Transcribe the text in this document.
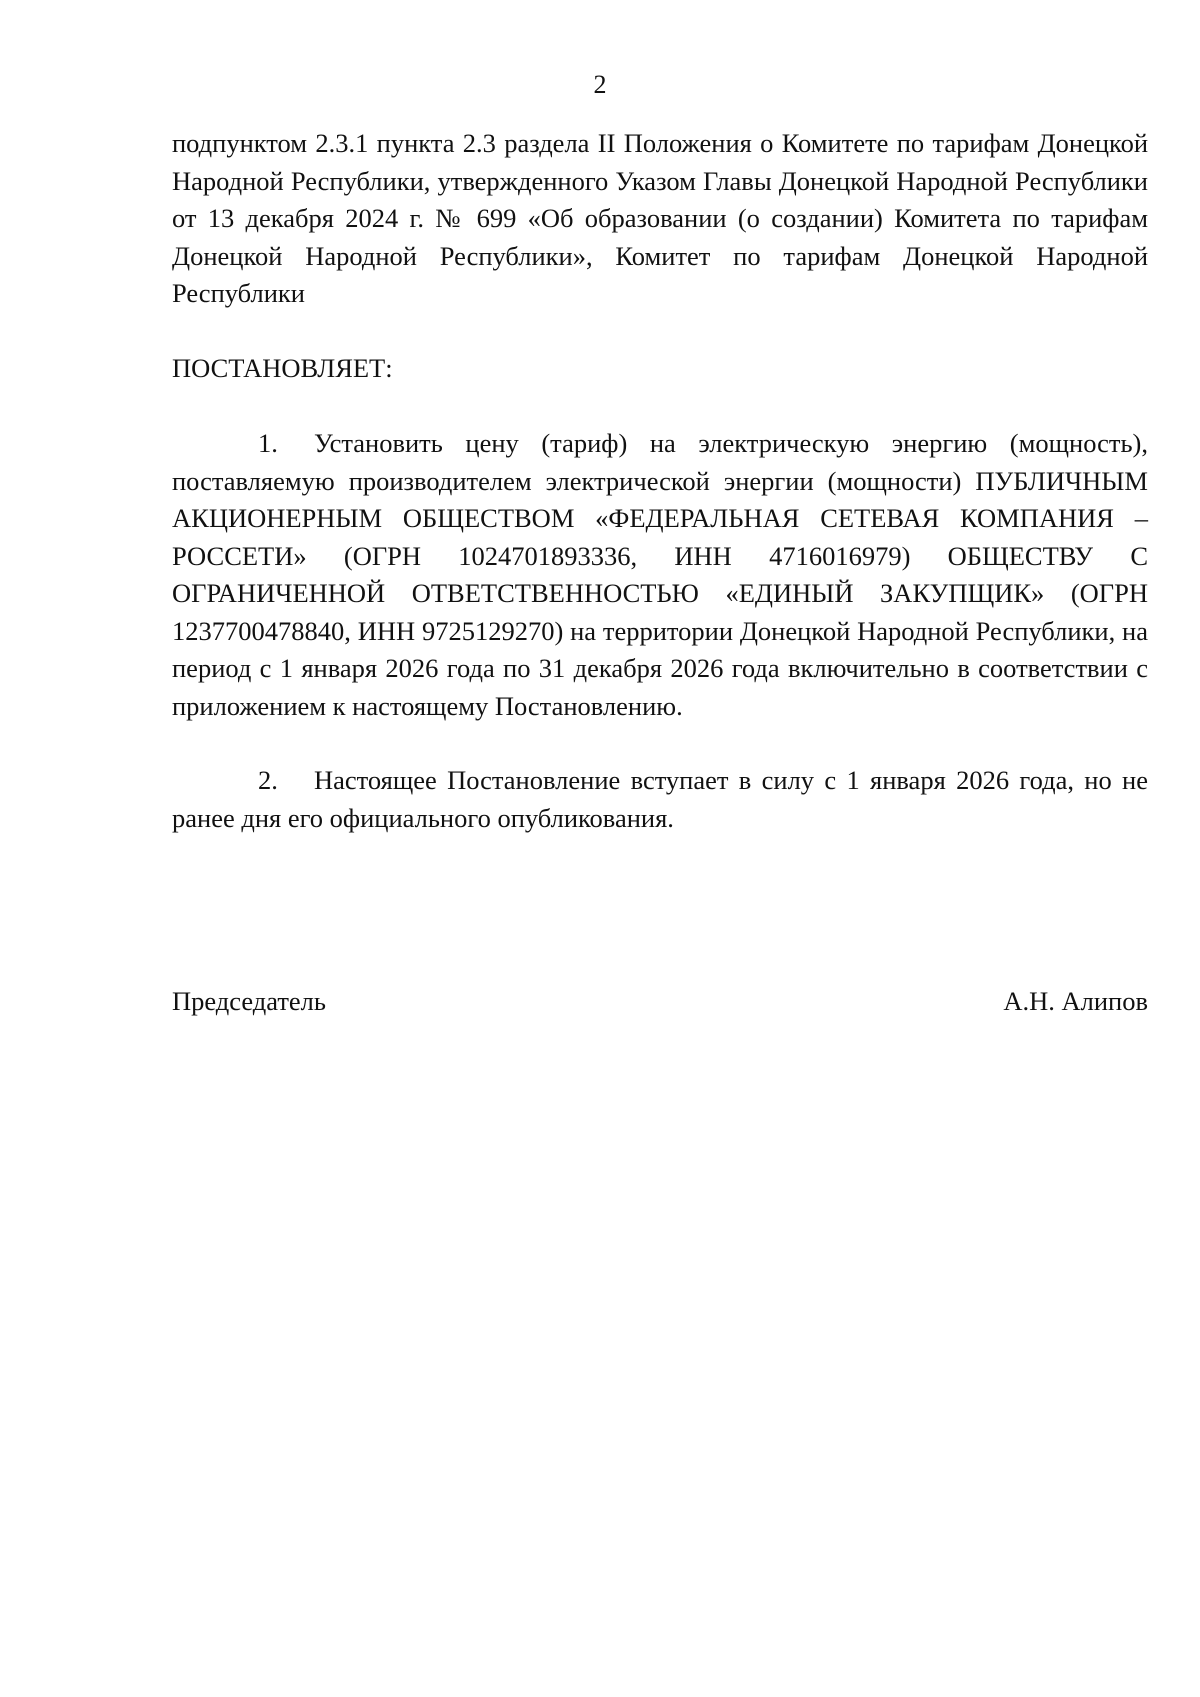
2

подпунктом 2.3.1 пункта 2.3 раздела II Положения о Комитете по тарифам Донецкой Народной Республики, утвержденного Указом Главы Донецкой Народной Республики от 13 декабря 2024 г. № 699 «Об образовании (о создании) Комитета по тарифам Донецкой Народной Республики», Комитет по тарифам Донецкой Народной Республики

ПОСТАНОВЛЯЕТ:

1. Установить цену (тариф) на электрическую энергию (мощность), поставляемую производителем электрической энергии (мощности) ПУБЛИЧНЫМ АКЦИОНЕРНЫМ ОБЩЕСТВОМ «ФЕДЕРАЛЬНАЯ СЕТЕВАЯ КОМПАНИЯ – РОССЕТИ» (ОГРН 1024701893336, ИНН 4716016979) ОБЩЕСТВУ С ОГРАНИЧЕННОЙ ОТВЕТСТВЕННОСТЬЮ «ЕДИНЫЙ ЗАКУПЩИК» (ОГРН 1237700478840, ИНН 9725129270) на территории Донецкой Народной Республики, на период с 1 января 2026 года по 31 декабря 2026 года включительно в соответствии с приложением к настоящему Постановлению.

2. Настоящее Постановление вступает в силу с 1 января 2026 года, но не ранее дня его официального опубликования.

Председатель	А.Н. Алипов
